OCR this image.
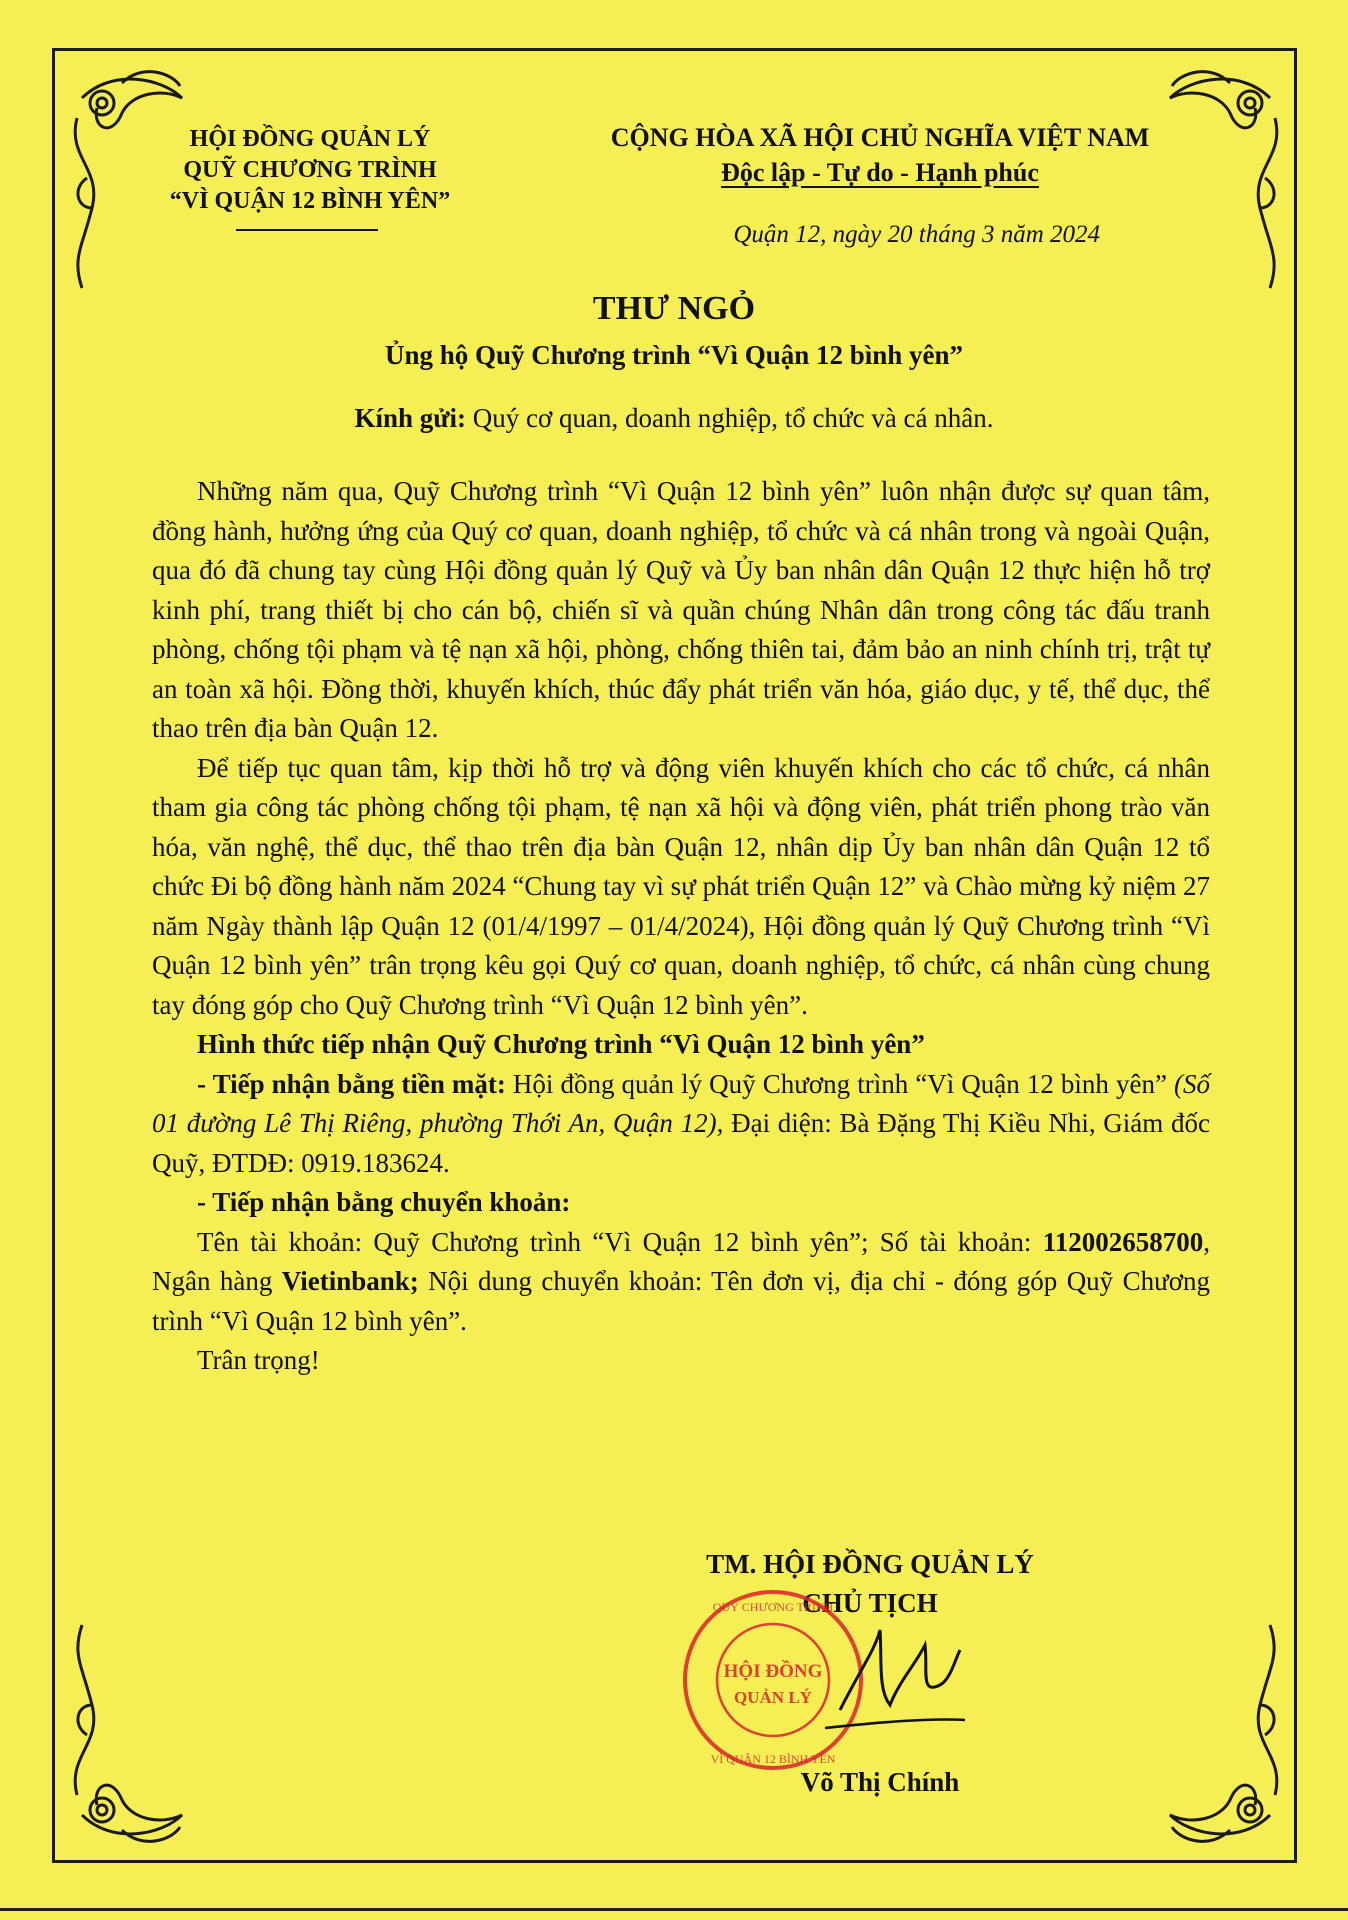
HỘI ĐỒNG QUẢN LÝ
QUỸ CHƯƠNG TRÌNH
“VÌ QUẬN 12 BÌNH YÊN”
CỘNG HÒA XÃ HỘI CHỦ NGHĨA VIỆT NAM
Độc lập - Tự do - Hạnh phúc
Quận 12, ngày 20 tháng 3 năm 2024
THƯ NGỎ
Ủng hộ Quỹ Chương trình “Vì Quận 12 bình yên”
Kính gửi: Quý cơ quan, doanh nghiệp, tổ chức và cá nhân.

Những năm qua, Quỹ Chương trình “Vì Quận 12 bình yên” luôn nhận được sự quan tâm, đồng hành, hưởng ứng của Quý cơ quan, doanh nghiệp, tổ chức và cá nhân trong và ngoài Quận, qua đó đã chung tay cùng Hội đồng quản lý Quỹ và Ủy ban nhân dân Quận 12 thực hiện hỗ trợ kinh phí, trang thiết bị cho cán bộ, chiến sĩ và quần chúng Nhân dân trong công tác đấu tranh phòng, chống tội phạm và tệ nạn xã hội, phòng, chống thiên tai, đảm bảo an ninh chính trị, trật tự an toàn xã hội. Đồng thời, khuyến khích, thúc đẩy phát triển văn hóa, giáo dục, y tế, thể dục, thể thao trên địa bàn Quận 12.

Để tiếp tục quan tâm, kịp thời hỗ trợ và động viên khuyến khích cho các tổ chức, cá nhân tham gia công tác phòng chống tội phạm, tệ nạn xã hội và động viên, phát triển phong trào văn hóa, văn nghệ, thể dục, thể thao trên địa bàn Quận 12, nhân dịp Ủy ban nhân dân Quận 12 tổ chức Đi bộ đồng hành năm 2024 “Chung tay vì sự phát triển Quận 12” và Chào mừng kỷ niệm 27 năm Ngày thành lập Quận 12 (01/4/1997 – 01/4/2024), Hội đồng quản lý Quỹ Chương trình “Vì Quận 12 bình yên” trân trọng kêu gọi Quý cơ quan, doanh nghiệp, tổ chức, cá nhân cùng chung tay đóng góp cho Quỹ Chương trình “Vì Quận 12 bình yên”.

Hình thức tiếp nhận Quỹ Chương trình “Vì Quận 12 bình yên”

- Tiếp nhận bằng tiền mặt: Hội đồng quản lý Quỹ Chương trình “Vì Quận 12 bình yên” (Số 01 đường Lê Thị Riêng, phường Thới An, Quận 12), Đại diện: Bà Đặng Thị Kiều Nhi, Giám đốc Quỹ, ĐTDĐ: 0919.183624.

- Tiếp nhận bằng chuyển khoản:

Tên tài khoản: Quỹ Chương trình “Vì Quận 12 bình yên”; Số tài khoản: 112002658700, Ngân hàng Vietinbank; Nội dung chuyển khoản: Tên đơn vị, địa chỉ - đóng góp Quỹ Chương trình “Vì Quận 12 bình yên”.

Trân trọng!

TM. HỘI ĐỒNG QUẢN LÝ
CHỦ TỊCH
HỘI ĐỒNG
QUẢN LÝ
QUỸ CHƯƠNG TRÌNH
VÌ QUẬN 12 BÌNH YÊN
Võ Thị Chính
